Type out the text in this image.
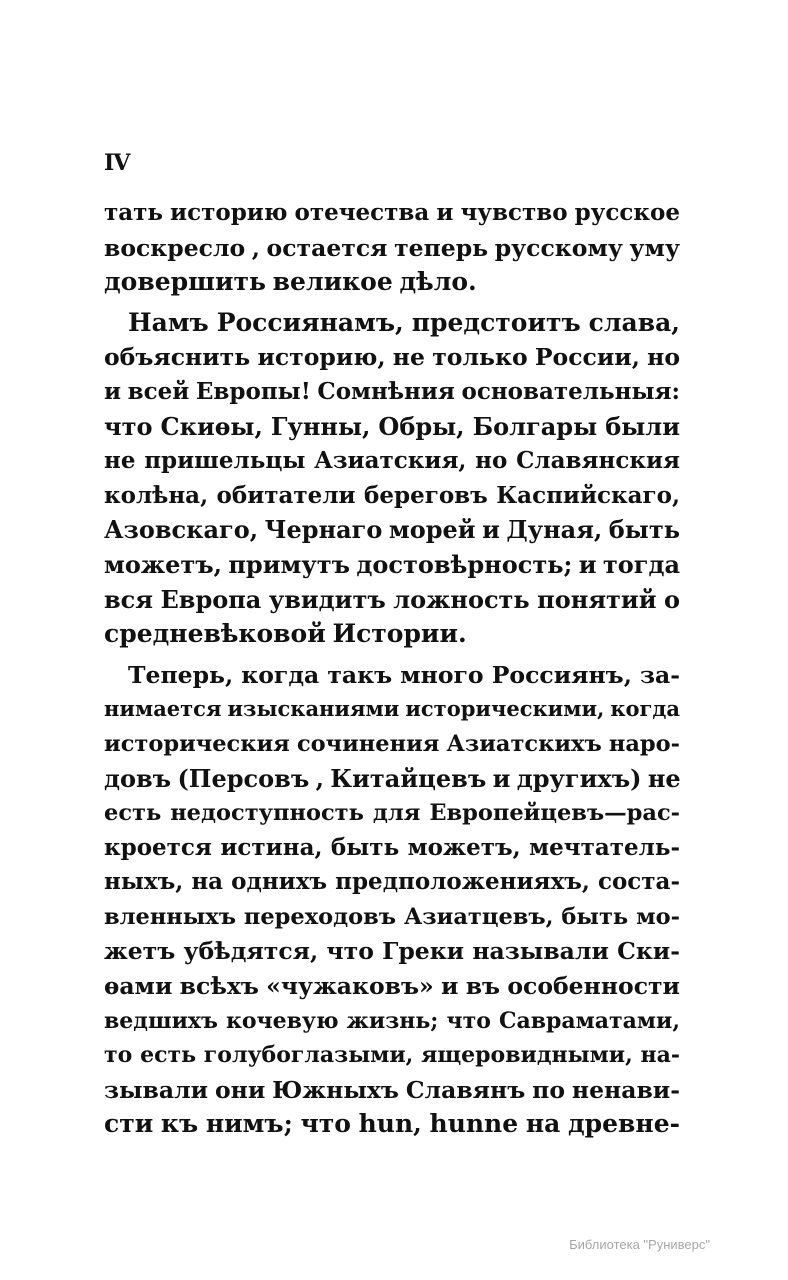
IV
тать историю отечества и чувство русское
воскресло , остается теперь русскому уму
довершить великое дѣло.
Намъ Россиянамъ, предстоитъ слава,
объяснить историю, не только России, но
и всей Европы! Сомнѣния основательныя:
что Скиѳы, Гунны, Обры, Болгары были
не пришельцы Азиатския, но Славянския
колѣна, обитатели береговъ Каспийскаго,
Азовскаго, Чернаго морей и Дуная, быть
можетъ, примутъ достовѣрность; и тогда
вся Европа увидитъ ложность понятий о
средневѣковой Истории.
Теперь, когда такъ много Россиянъ, за-
нимается изысканиями историческими, когда
историческия сочинения Азиатскихъ наро-
довъ (Персовъ , Китайцевъ и другихъ) не
есть недоступность для Европейцевъ—рас-
кроется истина, быть можетъ, мечтатель-
ныхъ, на однихъ предположенияхъ, соста-
вленныхъ переходовъ Азиатцевъ, быть мо-
жетъ убѣдятся, что Греки называли Ски-
ѳами всѣхъ «чужаковъ» и въ особенности
ведшихъ кочевую жизнь; что Савраматами,
то есть голубоглазыми, ящеровидными, на-
зывали они Южныхъ Славянъ по ненави-
сти къ нимъ; что hun, hunne на древне-
Библиотека "Руниверс"
